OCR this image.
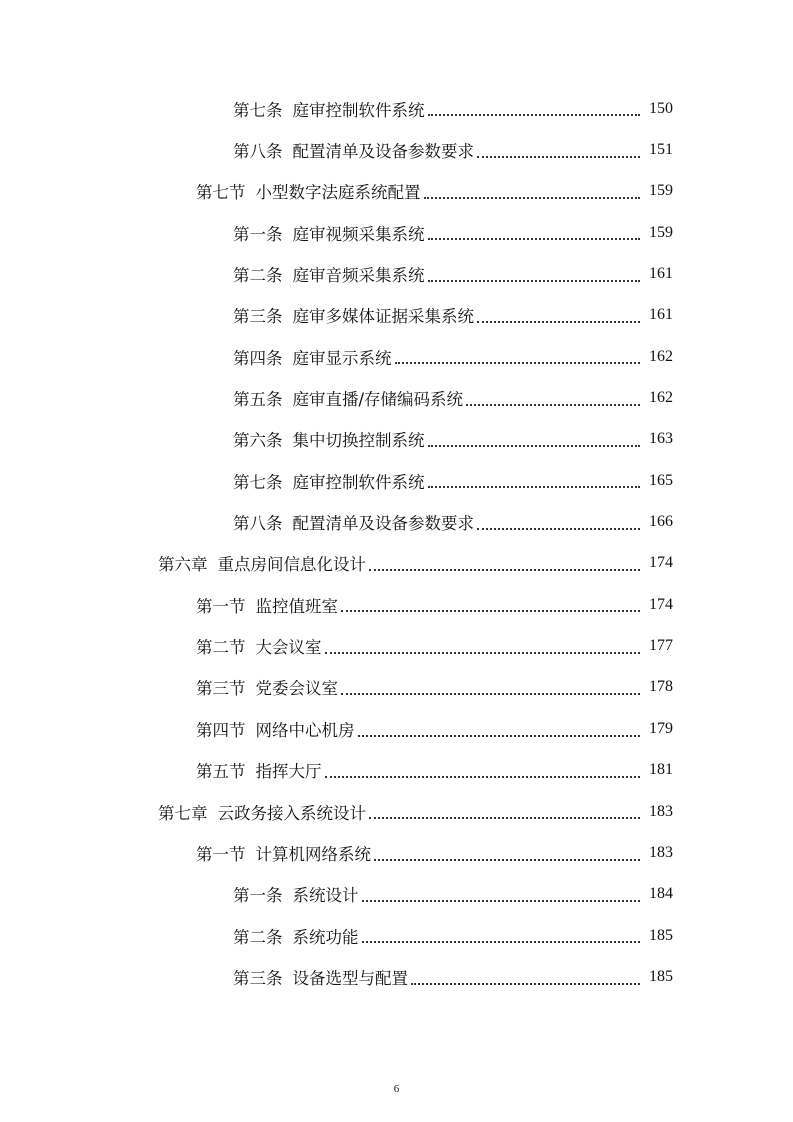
第七条 庭审控制软件系统	150
第八条 配置清单及设备参数要求	151
第七节 小型数字法庭系统配置	159
第一条 庭审视频采集系统	159
第二条 庭审音频采集系统	161
第三条 庭审多媒体证据采集系统	161
第四条 庭审显示系统	162
第五条 庭审直播/存储编码系统	162
第六条 集中切换控制系统	163
第七条 庭审控制软件系统	165
第八条 配置清单及设备参数要求	166
第六章 重点房间信息化设计	174
第一节 监控值班室	174
第二节 大会议室	177
第三节 党委会议室	178
第四节 网络中心机房	179
第五节 指挥大厅	181
第七章 云政务接入系统设计	183
第一节 计算机网络系统	183
第一条 系统设计	184
第二条 系统功能	185
第三条 设备选型与配置	185
6
